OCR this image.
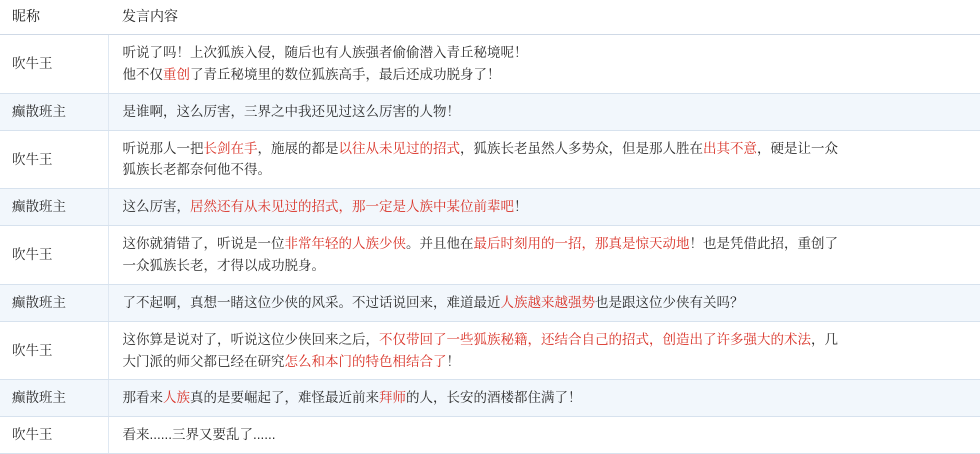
昵称	发言内容
吹牛王	听说了吗！上次狐族入侵，随后也有人族强者偷偷潜入青丘秘境呢！
他不仅重创了青丘秘境里的数位狐族高手，最后还成功脱身了！

癫散班主	是谁啊，这么厉害，三界之中我还见过这么厉害的人物！

吹牛王	听说那人一把长剑在手，施展的都是以往从未见过的招式，狐族长老虽然人多势众，但是那人胜在出其不意，硬是让一众
狐族长老都奈何他不得。

癫散班主	这么厉害，居然还有从未见过的招式，那一定是人族中某位前辈吧！

吹牛王	这你就猜错了，听说是一位非常年轻的人族少侠。并且他在最后时刻用的一招，那真是惊天动地！也是凭借此招，重创了
一众狐族长老，才得以成功脱身。

癫散班主	了不起啊，真想一睹这位少侠的风采。不过话说回来，难道最近人族越来越强势也是跟这位少侠有关吗？

吹牛王	这你算是说对了，听说这位少侠回来之后，不仅带回了一些狐族秘籍，还结合自己的招式，创造出了许多强大的术法，几
大门派的师父都已经在研究怎么和本门的特色相结合了！

癫散班主	那看来人族真的是要崛起了，难怪最近前来拜师的人，长安的酒楼都住满了！

吹牛王	看来......三界又要乱了......
